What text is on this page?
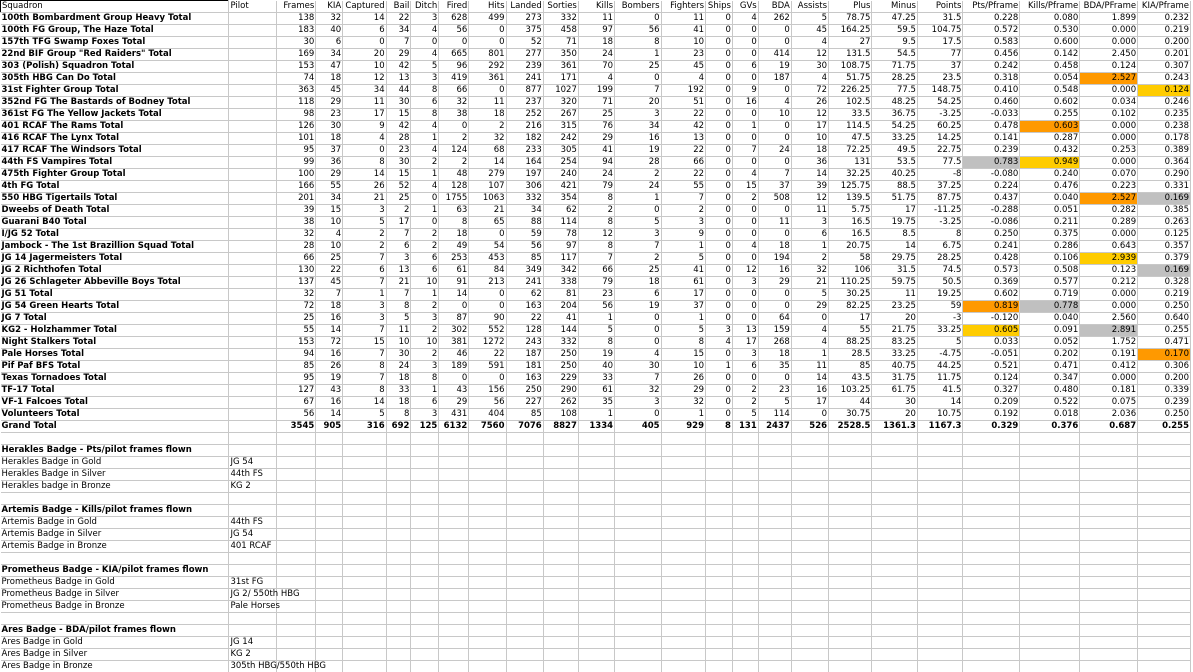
Squadron	Pilot	Frames	KIA	Captured	Bail	Ditch	Fired	Hits	Landed	Sorties	Kills	Bombers	Fighters	Ships	GVs	BDA	Assists	Plus	Minus	Points	Pts/Pframe	Kills/Pframe	BDA/PFrame	KIA/Pframe
100th Bombardment Group Heavy Total		138	32	14	22	3	628	499	273	332	11	0	11	0	4	262	5	78.75	47.25	31.5	0.228	0.080	1.899	0.232
100th FG Group, The Haze Total		183	40	6	34	4	56	0	375	458	97	56	41	0	0	0	45	164.25	59.5	104.75	0.572	0.530	0.000	0.219
157th TFG Swamp Foxes Total		30	6	0	7	0	0	0	52	71	18	8	10	0	0	0	4	27	9.5	17.5	0.583	0.600	0.000	0.200
22nd BIF Group "Red Raiders" Total		169	34	20	29	4	665	801	277	350	24	1	23	0	0	414	12	131.5	54.5	77	0.456	0.142	2.450	0.201
303 (Polish) Squadron Total		153	47	10	42	5	96	292	239	361	70	25	45	0	6	19	30	108.75	71.75	37	0.242	0.458	0.124	0.307
305th HBG Can Do Total		74	18	12	13	3	419	361	241	171	4	0	4	0	0	187	4	51.75	28.25	23.5	0.318	0.054	2.527	0.243
31st Fighter Group Total		363	45	34	44	8	66	0	877	1027	199	7	192	0	9	0	72	226.25	77.5	148.75	0.410	0.548	0.000	0.124
352nd FG The Bastards of Bodney Total		118	29	11	30	6	32	11	237	320	71	20	51	0	16	4	26	102.5	48.25	54.25	0.460	0.602	0.034	0.246
361st FG The Yellow Jackets Total		98	23	17	15	8	38	18	252	267	25	3	22	0	0	10	12	33.5	36.75	-3.25	-0.033	0.255	0.102	0.235
401 RCAF The Rams Total		126	30	9	42	4	0	2	216	315	76	34	42	0	1	0	17	114.5	54.25	60.25	0.478	0.603	0.000	0.238
416 RCAF The Lynx Total		101	18	4	28	1	2	32	182	242	29	16	13	0	0	0	10	47.5	33.25	14.25	0.141	0.287	0.000	0.178
417 RCAF The Windsors Total		95	37	0	23	4	124	68	233	305	41	19	22	0	7	24	18	72.25	49.5	22.75	0.239	0.432	0.253	0.389
44th FS Vampires Total		99	36	8	30	2	2	14	164	254	94	28	66	0	0	0	36	131	53.5	77.5	0.783	0.949	0.000	0.364
475th Fighter Group Total		100	29	14	15	1	48	279	197	240	24	2	22	0	4	7	14	32.25	40.25	-8	-0.080	0.240	0.070	0.290
4th FG Total		166	55	26	52	4	128	107	306	421	79	24	55	0	15	37	39	125.75	88.5	37.25	0.224	0.476	0.223	0.331
550 HBG Tigertails Total		201	34	21	25	0	1755	1063	332	354	8	1	7	0	2	508	12	139.5	51.75	87.75	0.437	0.040	2.527	0.169
Dweebs of Death Total		39	15	3	2	1	63	21	34	62	2	0	2	0	0	0	11	5.75	17	-11.25	-0.288	0.051	0.282	0.385
Guarani B40 Total		38	10	5	17	0	8	65	88	114	8	5	3	0	0	11	3	16.5	19.75	-3.25	-0.086	0.211	0.289	0.263
I/JG 52 Total		32	4	2	7	2	18	0	59	78	12	3	9	0	0	0	6	16.5	8.5	8	0.250	0.375	0.000	0.125
Jambock - The 1st Brazillion Squad Total		28	10	2	6	2	49	54	56	97	8	7	1	0	4	18	1	20.75	14	6.75	0.241	0.286	0.643	0.357
JG 14 Jagermeisters Total		66	25	7	3	6	253	453	85	117	7	2	5	0	0	194	2	58	29.75	28.25	0.428	0.106	2.939	0.379
JG 2 Richthofen Total		130	22	6	13	6	61	84	349	342	66	25	41	0	12	16	32	106	31.5	74.5	0.573	0.508	0.123	0.169
JG 26 Schlageter Abbeville Boys Total		137	45	7	21	10	91	213	241	338	79	18	61	0	3	29	21	110.25	59.75	50.5	0.369	0.577	0.212	0.328
JG 51 Total		32	7	1	7	1	14	0	62	81	23	6	17	0	0	0	5	30.25	11	19.25	0.602	0.719	0.000	0.219
JG 54 Green Hearts Total		72	18	3	8	2	0	0	163	204	56	19	37	0	0	0	29	82.25	23.25	59	0.819	0.778	0.000	0.250
JG 7 Total		25	16	3	5	3	87	90	22	41	1	0	1	0	0	64	0	17	20	-3	-0.120	0.040	2.560	0.640
KG2 - Holzhammer Total		55	14	7	11	2	302	552	128	144	5	0	5	3	13	159	4	55	21.75	33.25	0.605	0.091	2.891	0.255
Night Stalkers Total		153	72	15	10	10	381	1272	243	332	8	0	8	4	17	268	4	88.25	83.25	5	0.033	0.052	1.752	0.471
Pale Horses Total		94	16	7	30	2	46	22	187	250	19	4	15	0	3	18	1	28.5	33.25	-4.75	-0.051	0.202	0.191	0.170
Pif Paf BFS Total		85	26	8	24	3	189	591	181	250	40	30	10	1	6	35	11	85	40.75	44.25	0.521	0.471	0.412	0.306
Texas Tornadoes Total		95	19	7	18	8	0	0	163	229	33	7	26	0	0	0	14	43.5	31.75	11.75	0.124	0.347	0.000	0.200
TF-17 Total		127	43	8	33	1	43	156	250	290	61	32	29	0	2	23	16	103.25	61.75	41.5	0.327	0.480	0.181	0.339
VF-1 Falcoes Total		67	16	14	18	6	29	56	227	262	35	3	32	0	2	5	17	44	30	14	0.209	0.522	0.075	0.239
Volunteers Total		56	14	5	8	3	431	404	85	108	1	0	1	0	5	114	0	30.75	20	10.75	0.192	0.018	2.036	0.250
Grand Total		3545	905	316	692	125	6132	7560	7076	8827	1334	405	929	8	131	2437	526	2528.5	1361.3	1167.3	0.329	0.376	0.687	0.255

Herakles Badge - Pts/pilot frames flown																								
Herakles Badge in Gold	JG 54																							
Herakles Badge in Silver	44th FS																							
Herakles badge in Bronze	KG 2																							

Artemis Badge - Kills/pilot frames flown																								
Artemis Badge in Gold	44th FS																							
Artemis Badge in Silver	JG 54																							
Artemis Badge in Bronze	401 RCAF																							

Prometheus Badge - KIA/pilot frames flown																								
Prometheus Badge in Gold	31st FG																							
Prometheus Badge in Silver	JG 2/ 550th HBG																							
Prometheus Badge in Bronze	Pale Horses																							

Ares Badge - BDA/pilot frames flown																								
Ares Badge in Gold	JG 14																							
Ares Badge in Silver	KG 2																							
Ares Badge in Bronze	305th HBG/550th HBG																							
